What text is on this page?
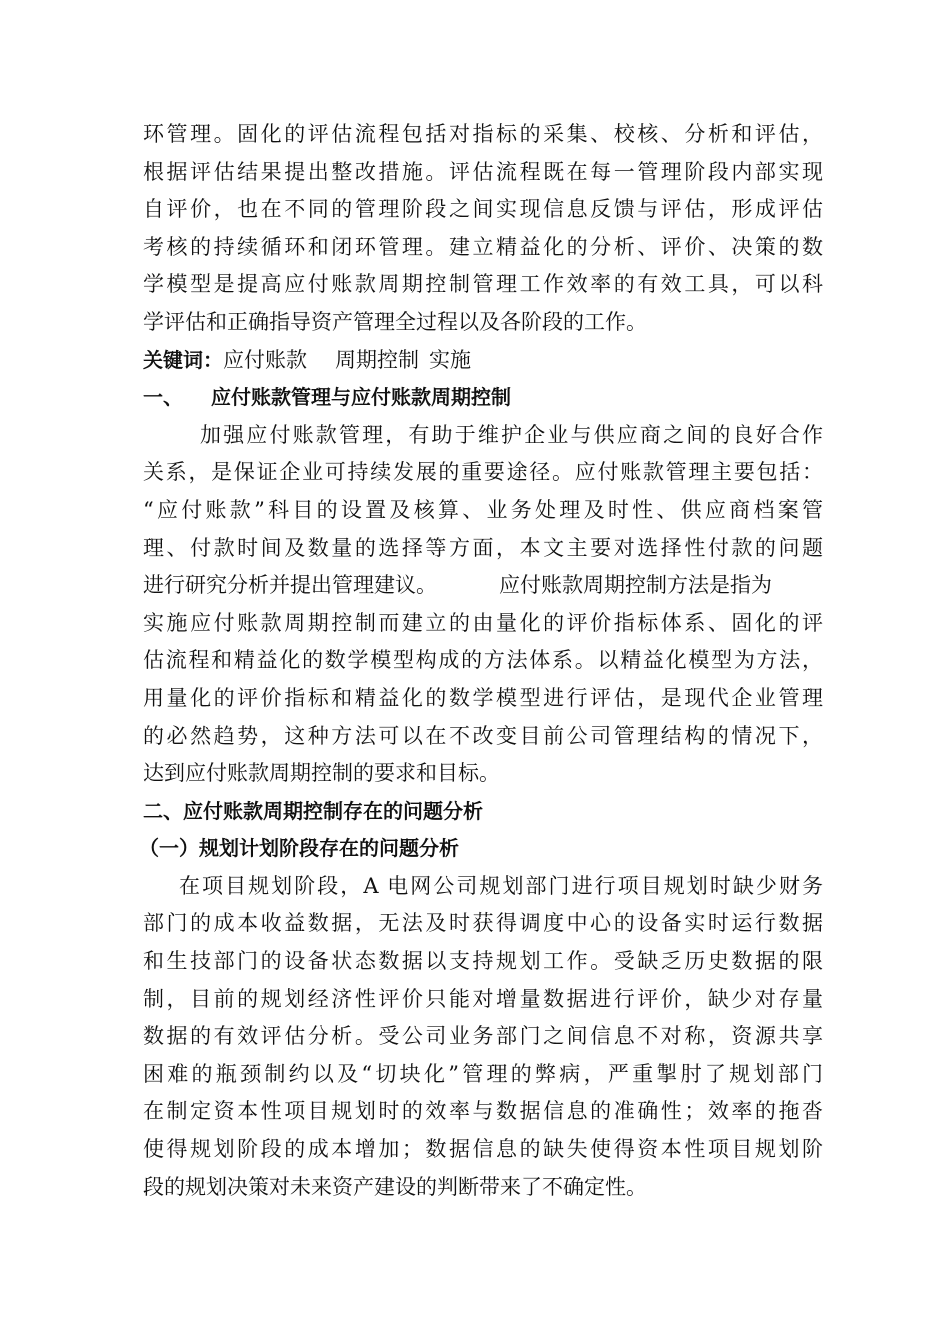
环管理。固化的评估流程包括对指标的采集、校核、分析和评估，
根据评估结果提出整改措施。评估流程既在每一管理阶段内部实现
自评价，也在不同的管理阶段之间实现信息反馈与评估，形成评估
考核的持续循环和闭环管理。建立精益化的分析、评价、决策的数
学模型是提高应付账款周期控制管理工作效率的有效工具，可以科
学评估和正确指导资产管理全过程以及各阶段的工作。
关键词：应付账款 周期控制 实施
一、 应付账款管理与应付账款周期控制
加强应付账款管理，有助于维护企业与供应商之间的良好合作
关系，是保证企业可持续发展的重要途径。应付账款管理主要包括：
“应付账款”科目的设置及核算、业务处理及时性、供应商档案管
理、付款时间及数量的选择等方面，本文主要对选择性付款的问题
进行研究分析并提出管理建议。	应付账款周期控制方法是指为
实施应付账款周期控制而建立的由量化的评价指标体系、固化的评
估流程和精益化的数学模型构成的方法体系。以精益化模型为方法，
用量化的评价指标和精益化的数学模型进行评估，是现代企业管理
的必然趋势，这种方法可以在不改变目前公司管理结构的情况下，
达到应付账款周期控制的要求和目标。
二、应付账款周期控制存在的问题分析
（一）规划计划阶段存在的问题分析
在项目规划阶段，A 电网公司规划部门进行项目规划时缺少财务
部门的成本收益数据，无法及时获得调度中心的设备实时运行数据
和生技部门的设备状态数据以支持规划工作。受缺乏历史数据的限
制，目前的规划经济性评价只能对增量数据进行评价，缺少对存量
数据的有效评估分析。受公司业务部门之间信息不对称，资源共享
困难的瓶颈制约以及“切块化”管理的弊病，严重掣肘了规划部门
在制定资本性项目规划时的效率与数据信息的准确性；效率的拖沓
使得规划阶段的成本增加；数据信息的缺失使得资本性项目规划阶
段的规划决策对未来资产建设的判断带来了不确定性。
